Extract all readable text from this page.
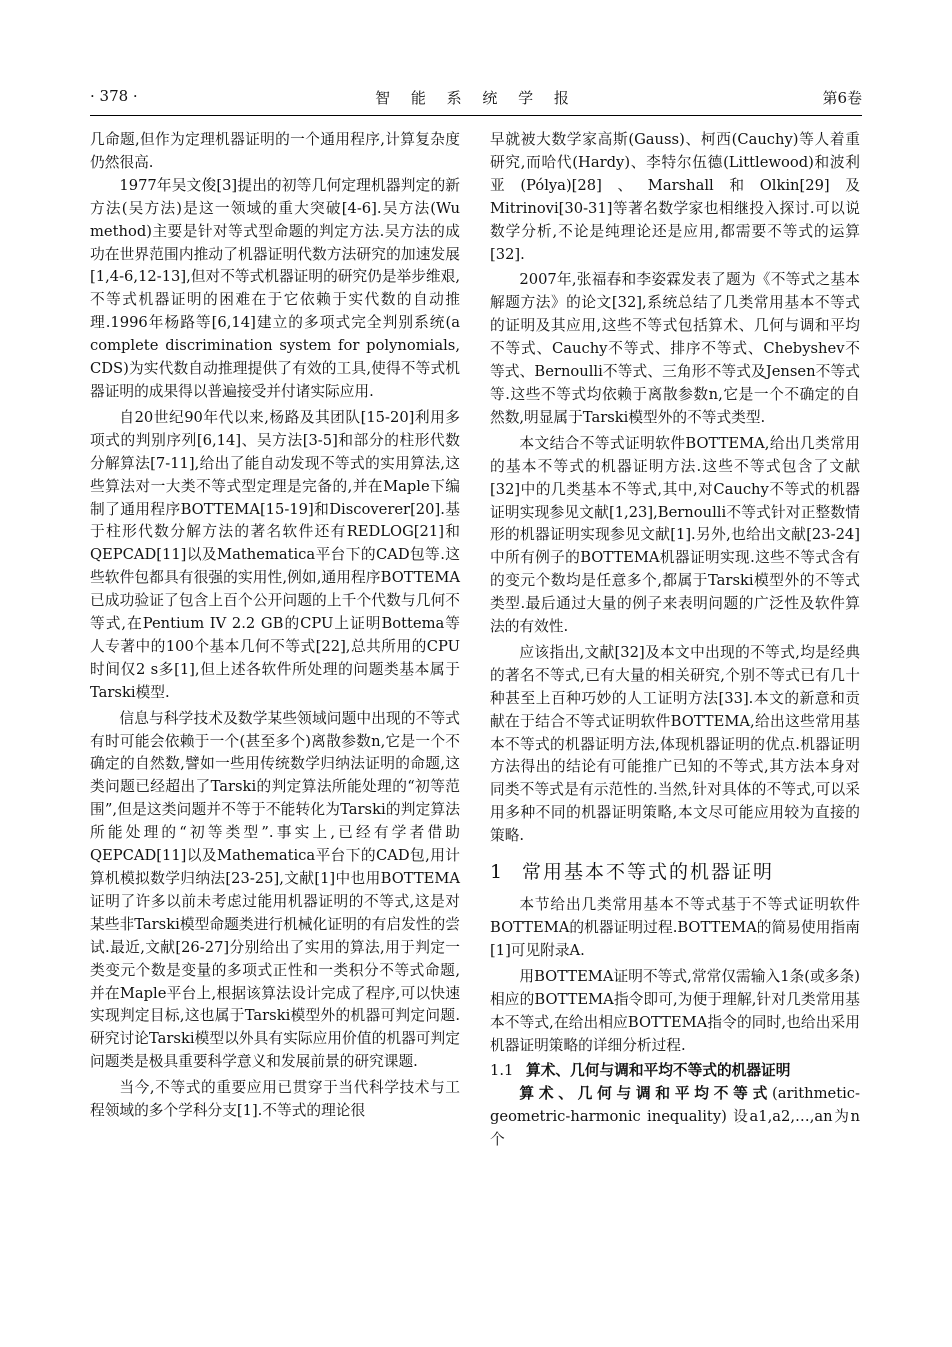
· 378 ·	智 能 系 统 学 报	第6卷

几命题,但作为定理机器证明的一个通用程序,计算复杂度仍然很高.

1977年吴文俊[3]提出的初等几何定理机器判定的新方法(吴方法)是这一领域的重大突破[4-6].吴方法(Wu method)主要是针对等式型命题的判定方法.吴方法的成功在世界范围内推动了机器证明代数方法研究的加速发展[1,4-6,12-13],但对不等式机器证明的研究仍是举步维艰,不等式机器证明的困难在于它依赖于实代数的自动推理.1996年杨路等[6,14]建立的多项式完全判别系统(a complete discrimination system for polynomials, CDS)为实代数自动推理提供了有效的工具,使得不等式机器证明的成果得以普遍接受并付诸实际应用.

自20世纪90年代以来,杨路及其团队[15-20]利用多项式的判别序列[6,14]、吴方法[3-5]和部分的柱形代数分解算法[7-11],给出了能自动发现不等式的实用算法,这些算法对一大类不等式型定理是完备的,并在Maple下编制了通用程序BOTTEMA[15-19]和Discoverer[20].基于柱形代数分解方法的著名软件还有REDLOG[21]和QEPCAD[11]以及Mathematica平台下的CAD包等.这些软件包都具有很强的实用性,例如,通用程序BOTTEMA已成功验证了包含上百个公开问题的上千个代数与几何不等式,在Pentium IV 2.2 GB的CPU上证明Bottema等人专著中的100个基本几何不等式[22],总共所用的CPU时间仅2 s多[1],但上述各软件所处理的问题类基本属于Tarski模型.

信息与科学技术及数学某些领域问题中出现的不等式有时可能会依赖于一个(甚至多个)离散参数n,它是一个不确定的自然数,譬如一些用传统数学归纳法证明的命题,这类问题已经超出了Tarski的判定算法所能处理的“初等范围”,但是这类问题并不等于不能转化为Tarski的判定算法所能处理的“初等类型”.事实上,已经有学者借助QEPCAD[11]以及Mathematica平台下的CAD包,用计算机模拟数学归纳法[23-25],文献[1]中也用BOTTEMA证明了许多以前未考虑过能用机器证明的不等式,这是对某些非Tarski模型命题类进行机械化证明的有启发性的尝试.最近,文献[26-27]分别给出了实用的算法,用于判定一类变元个数是变量的多项式正性和一类积分不等式命题,并在Maple平台上,根据该算法设计完成了程序,可以快速实现判定目标,这也属于Tarski模型外的机器可判定问题.研究讨论Tarski模型以外具有实际应用价值的机器可判定问题类是极具重要科学意义和发展前景的研究课题.

当今,不等式的重要应用已贯穿于当代科学技术与工程领域的多个学科分支[1].不等式的理论很

早就被大数学家高斯(Gauss)、柯西(Cauchy)等人着重研究,而哈代(Hardy)、李特尔伍德(Littlewood)和波利亚(Pólya)[28]、Marshall和Olkin[29]及Mitrinovi[30-31]等著名数学家也相继投入探讨.可以说数学分析,不论是纯理论还是应用,都需要不等式的运算[32].

2007年,张福春和李姿霖发表了题为《不等式之基本解题方法》的论文[32],系统总结了几类常用基本不等式的证明及其应用,这些不等式包括算术、几何与调和平均不等式、Cauchy不等式、排序不等式、Chebyshev不等式、Bernoulli不等式、三角形不等式及Jensen不等式等.这些不等式均依赖于离散参数n,它是一个不确定的自然数,明显属于Tarski模型外的不等式类型.

本文结合不等式证明软件BOTTEMA,给出几类常用的基本不等式的机器证明方法.这些不等式包含了文献[32]中的几类基本不等式,其中,对Cauchy不等式的机器证明实现参见文献[1,23],Bernoulli不等式针对正整数情形的机器证明实现参见文献[1].另外,也给出文献[23-24]中所有例子的BOTTEMA机器证明实现.这些不等式含有的变元个数均是任意多个,都属于Tarski模型外的不等式类型.最后通过大量的例子来表明问题的广泛性及软件算法的有效性.

应该指出,文献[32]及本文中出现的不等式,均是经典的著名不等式,已有大量的相关研究,个别不等式已有几十种甚至上百种巧妙的人工证明方法[33].本文的新意和贡献在于结合不等式证明软件BOTTEMA,给出这些常用基本不等式的机器证明方法,体现机器证明的优点.机器证明方法得出的结论有可能推广已知的不等式,其方法本身对同类不等式是有示范性的.当然,针对具体的不等式,可以采用多种不同的机器证明策略,本文尽可能应用较为直接的策略.

1 常用基本不等式的机器证明

本节给出几类常用基本不等式基于不等式证明软件BOTTEMA的机器证明过程.BOTTEMA的简易使用指南[1]可见附录A.

用BOTTEMA证明不等式,常常仅需输入1条(或多条)相应的BOTTEMA指令即可,为便于理解,针对几类常用基本不等式,在给出相应BOTTEMA指令的同时,也给出采用机器证明策略的详细分析过程.

1.1 算术、几何与调和平均不等式的机器证明

算术、几何与调和平均不等式(arithmetic-geometric-harmonic inequality) 设a1,a2,…,an为n个
